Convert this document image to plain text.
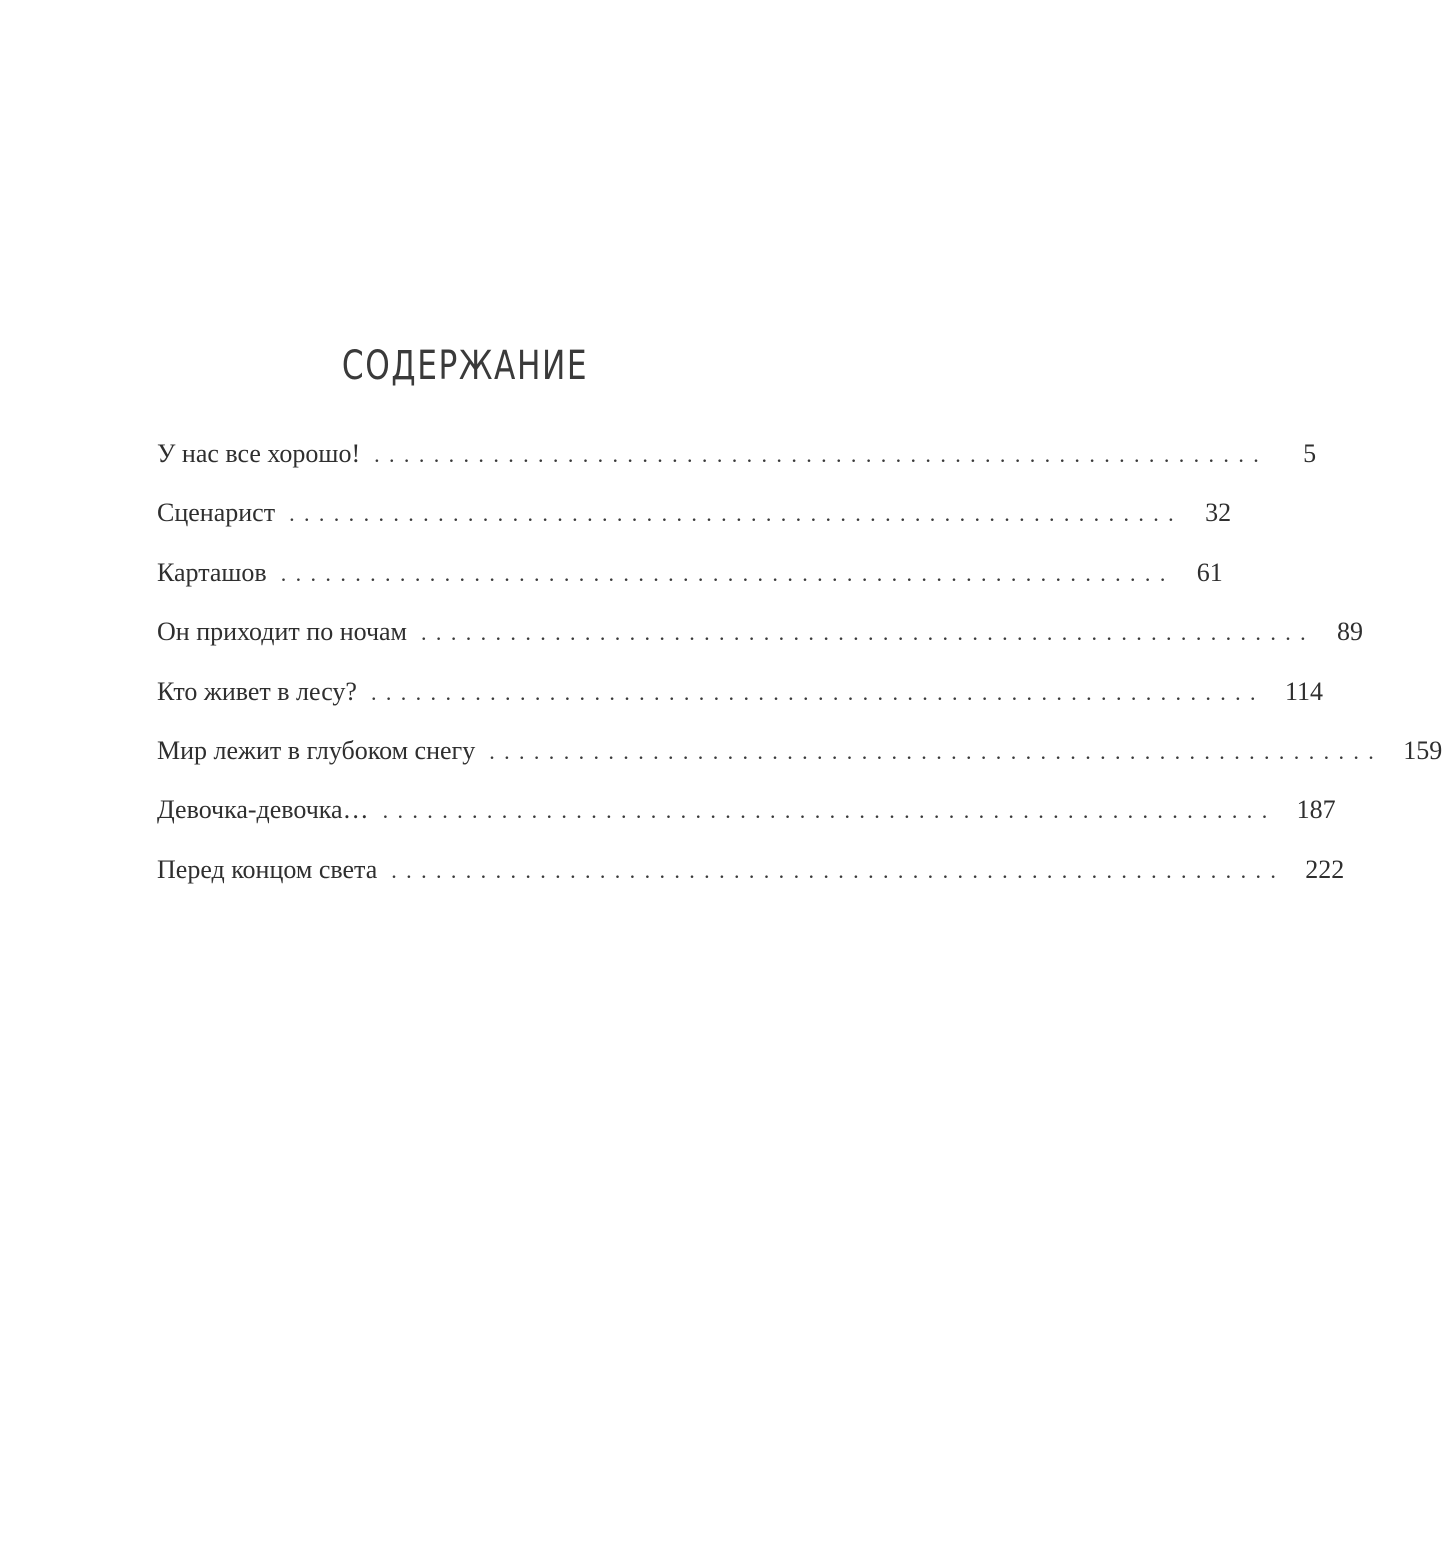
СОДЕРЖАНИЕ
У нас все хорошо! ............................................................	5
Сценарист ............................................................ 32
Карташов ............................................................ 61
Он приходит по ночам ............................................................ 89
Кто живет в лесу? ............................................................ 114
Мир лежит в глубоком снегу ............................................................ 159
Девочка-девочка… ............................................................ 187
Перед концом света ............................................................ 222
